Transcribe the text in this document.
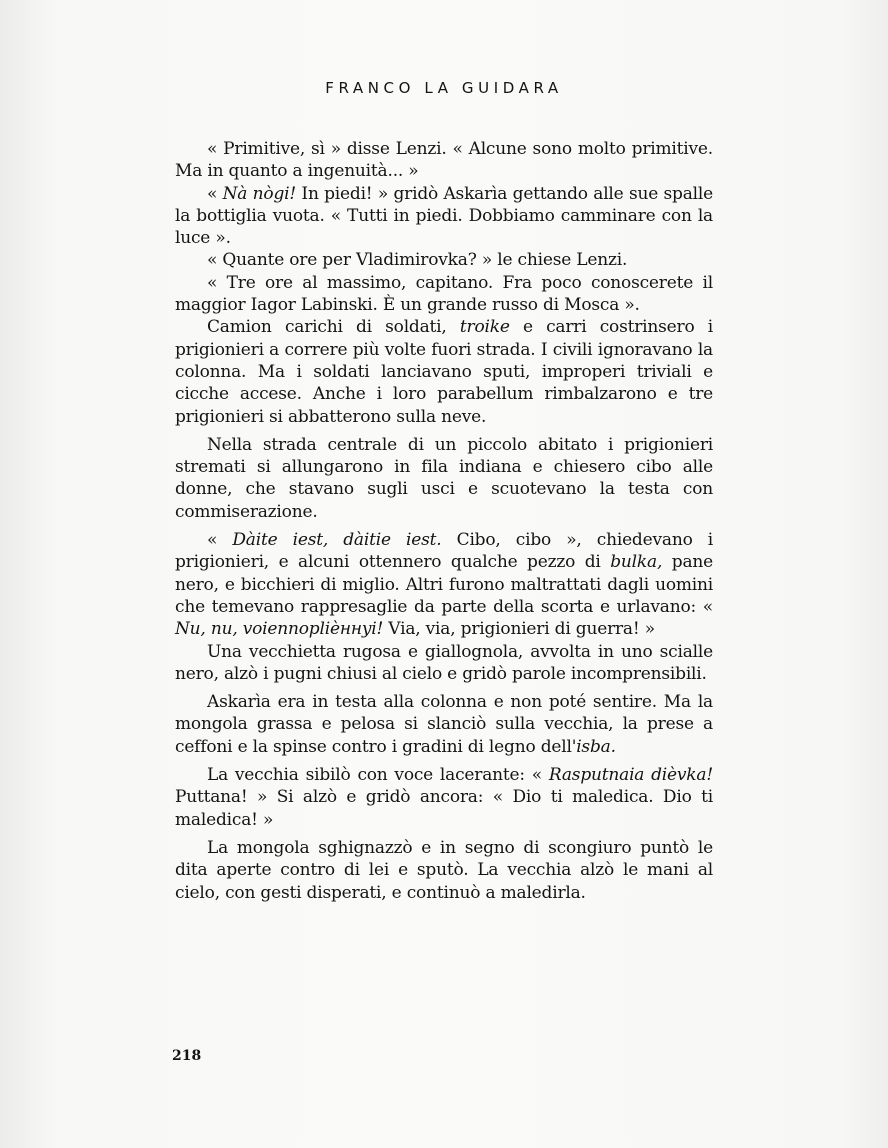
FRANCO LA GUIDARA

« Primitive, sì » disse Lenzi. « Alcune sono molto primitive. Ma in quanto a ingenuità... »

« Nà nògi! In piedi! » gridò Askarìa gettando alle sue spalle la bottiglia vuota. « Tutti in piedi. Dobbiamo camminare con la luce ».

« Quante ore per Vladimirovka? » le chiese Lenzi.

« Tre ore al massimo, capitano. Fra poco conoscerete il maggior Iagor Labinski. È un grande russo di Mosca ».

Camion carichi di soldati, troike e carri costrinsero i prigionieri a correre più volte fuori strada. I civili ignoravano la colonna. Ma i soldati lanciavano sputi, improperi triviali e cicche accese. Anche i loro parabellum rimbalzarono e tre prigionieri si abbatterono sulla neve.

Nella strada centrale di un piccolo abitato i prigionieri stremati si allungarono in fila indiana e chiesero cibo alle donne, che stavano sugli usci e scuotevano la testa con commiserazione.

« Dàite iest, dàitie iest. Cibo, cibo », chiedevano i prigionieri, e alcuni ottennero qualche pezzo di bulka, pane nero, e bicchieri di miglio. Altri furono maltrattati dagli uomini che temevano rappresaglie da parte della scorta e urlavano: « Nu, nu, voiennoplièннyi! Via, via, prigionieri di guerra! »

Una vecchietta rugosa e giallognola, avvolta in uno scialle nero, alzò i pugni chiusi al cielo e gridò parole incomprensibili.

Askarìa era in testa alla colonna e non poté sentire. Ma la mongola grassa e pelosa si slanciò sulla vecchia, la prese a ceffoni e la spinse contro i gradini di legno dell'isba.

La vecchia sibilò con voce lacerante: « Rasputnaia dièvka! Puttana! » Si alzò e gridò ancora: « Dio ti maledica. Dio ti maledica! »

La mongola sghignazzò e in segno di scongiuro puntò le dita aperte contro di lei e sputò. La vecchia alzò le mani al cielo, con gesti disperati, e continuò a maledirla.

218
